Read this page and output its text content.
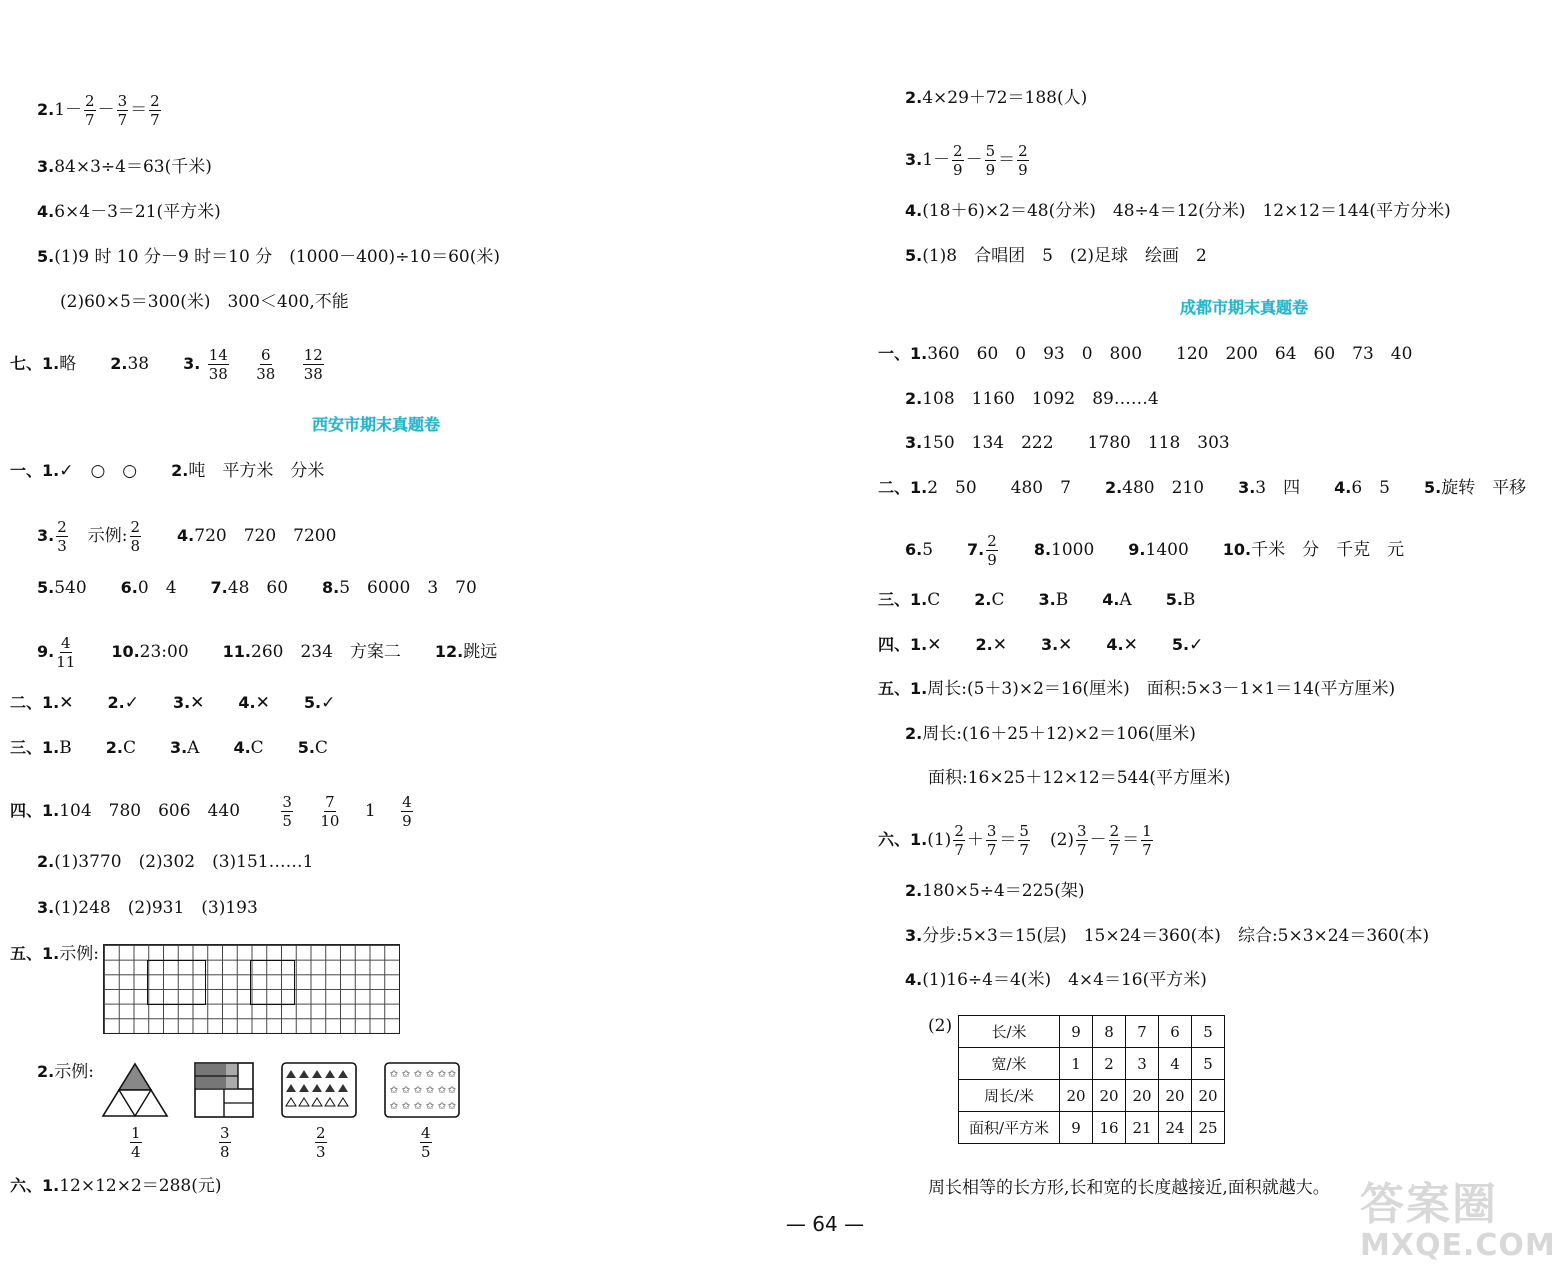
$2.1- \frac{2}{7} - \frac{3}{7} = \frac{2}{7}$
3.84×3÷4＝63(千米)
4.6×4－3＝21(平方米)
5.(1)9 时 10 分－9 时＝10 分　(1000－400)÷10＝60(米)
(2)60×5＝300(米)　300＜400,不能
七、1.略 2.38 3. $\frac{14}{38}$
$\frac{6}{38}$
$\frac{12}{38}$
西安市期末真题卷
一、1.✓　○　○ 2.吨　平方米　分米
3. $\frac{2}{3}$ 示例: $\frac{2}{8} 4.720$　720　7200
5.540 6.0　4 7.48　60 8.5　6000　3　70
9. $\frac{4}{11}$ 10.23:00 11.260　234　方案二 12.跳远
二、1.✕ 2.✓ 3.✕ 4.✕ 5.✓
三、1.B 2.C 3.A 4.C 5.C
四、1.104　780　606　440	$\frac{3}{5}$
$\frac{7}{10} 1 \frac{4}{9}$
2.(1)3770　(2)302　(3)151……1
3.(1)248　(2)931　(3)193
五、1.示例:
2.示例:	✩ ✩ ✩ ✩ ✩ ✩
✩ ✩ ✩ ✩ ✩ ✩
✩ ✩ ✩ ✩ ✩ ✩
$\frac{1}{4}$	$\frac{3}{8}$	$\frac{2}{3}$	$\frac{4}{5}$
六、1.12×12×2＝288(元)
2.4×29＋72＝188(人)
$3.1- \frac{2}{9} - \frac{5}{9} = \frac{2}{9}$
4.(18＋6)×2＝48(分米)　48÷4＝12(分米)　12×12＝144(平方分米)
5.(1)8　合唱团　5　(2)足球　绘画　2
成都市期末真题卷
一、1.360　60　0　93　0　800　　120　200　64　60　73　40
2.108　1160　1092　89……4
3.150　134　222　　1780　118　303
二、1.2　50　　480　7 2.480　210 3.3　四 4.6　5 5.旋转　平移
6.5 7. $\frac{2}{9} 8.1000$ 9.1400 10.千米　分　千克　元
三、1.C 2.C 3.B 4.A 5.B
四、1.✕ 2.✕ 3.✕ 4.✕ 5.✓
五、1.周长:(5＋3)×2＝16(厘米)　面积:5×3－1×1＝14(平方厘米)
2.周长:(16＋25＋12)×2＝106(厘米)
面积:16×25＋12×12＝544(平方厘米)
六、$1.(1) \frac{2}{7} + \frac{3}{7} = \frac{5}{7} (2) \frac{3}{7} - \frac{2}{7} = \frac{1}{7}$
2.180×5÷4＝225(架)
3.分步:5×3＝15(层)　15×24＝360(本)　综合:5×3×24＝360(本)
4.(1)16÷4＝4(米)　4×4＝16(平方米)
(2)	长/米	9	8	7	6	5
宽/米	1	2	3	4	5
周长/米	20	20	20	20	20
面积/平方米	9	16	21	24	25
周长相等的长方形,长和宽的长度越接近,面积就越大。
— 64 —	答案圈
MXQE.COM
